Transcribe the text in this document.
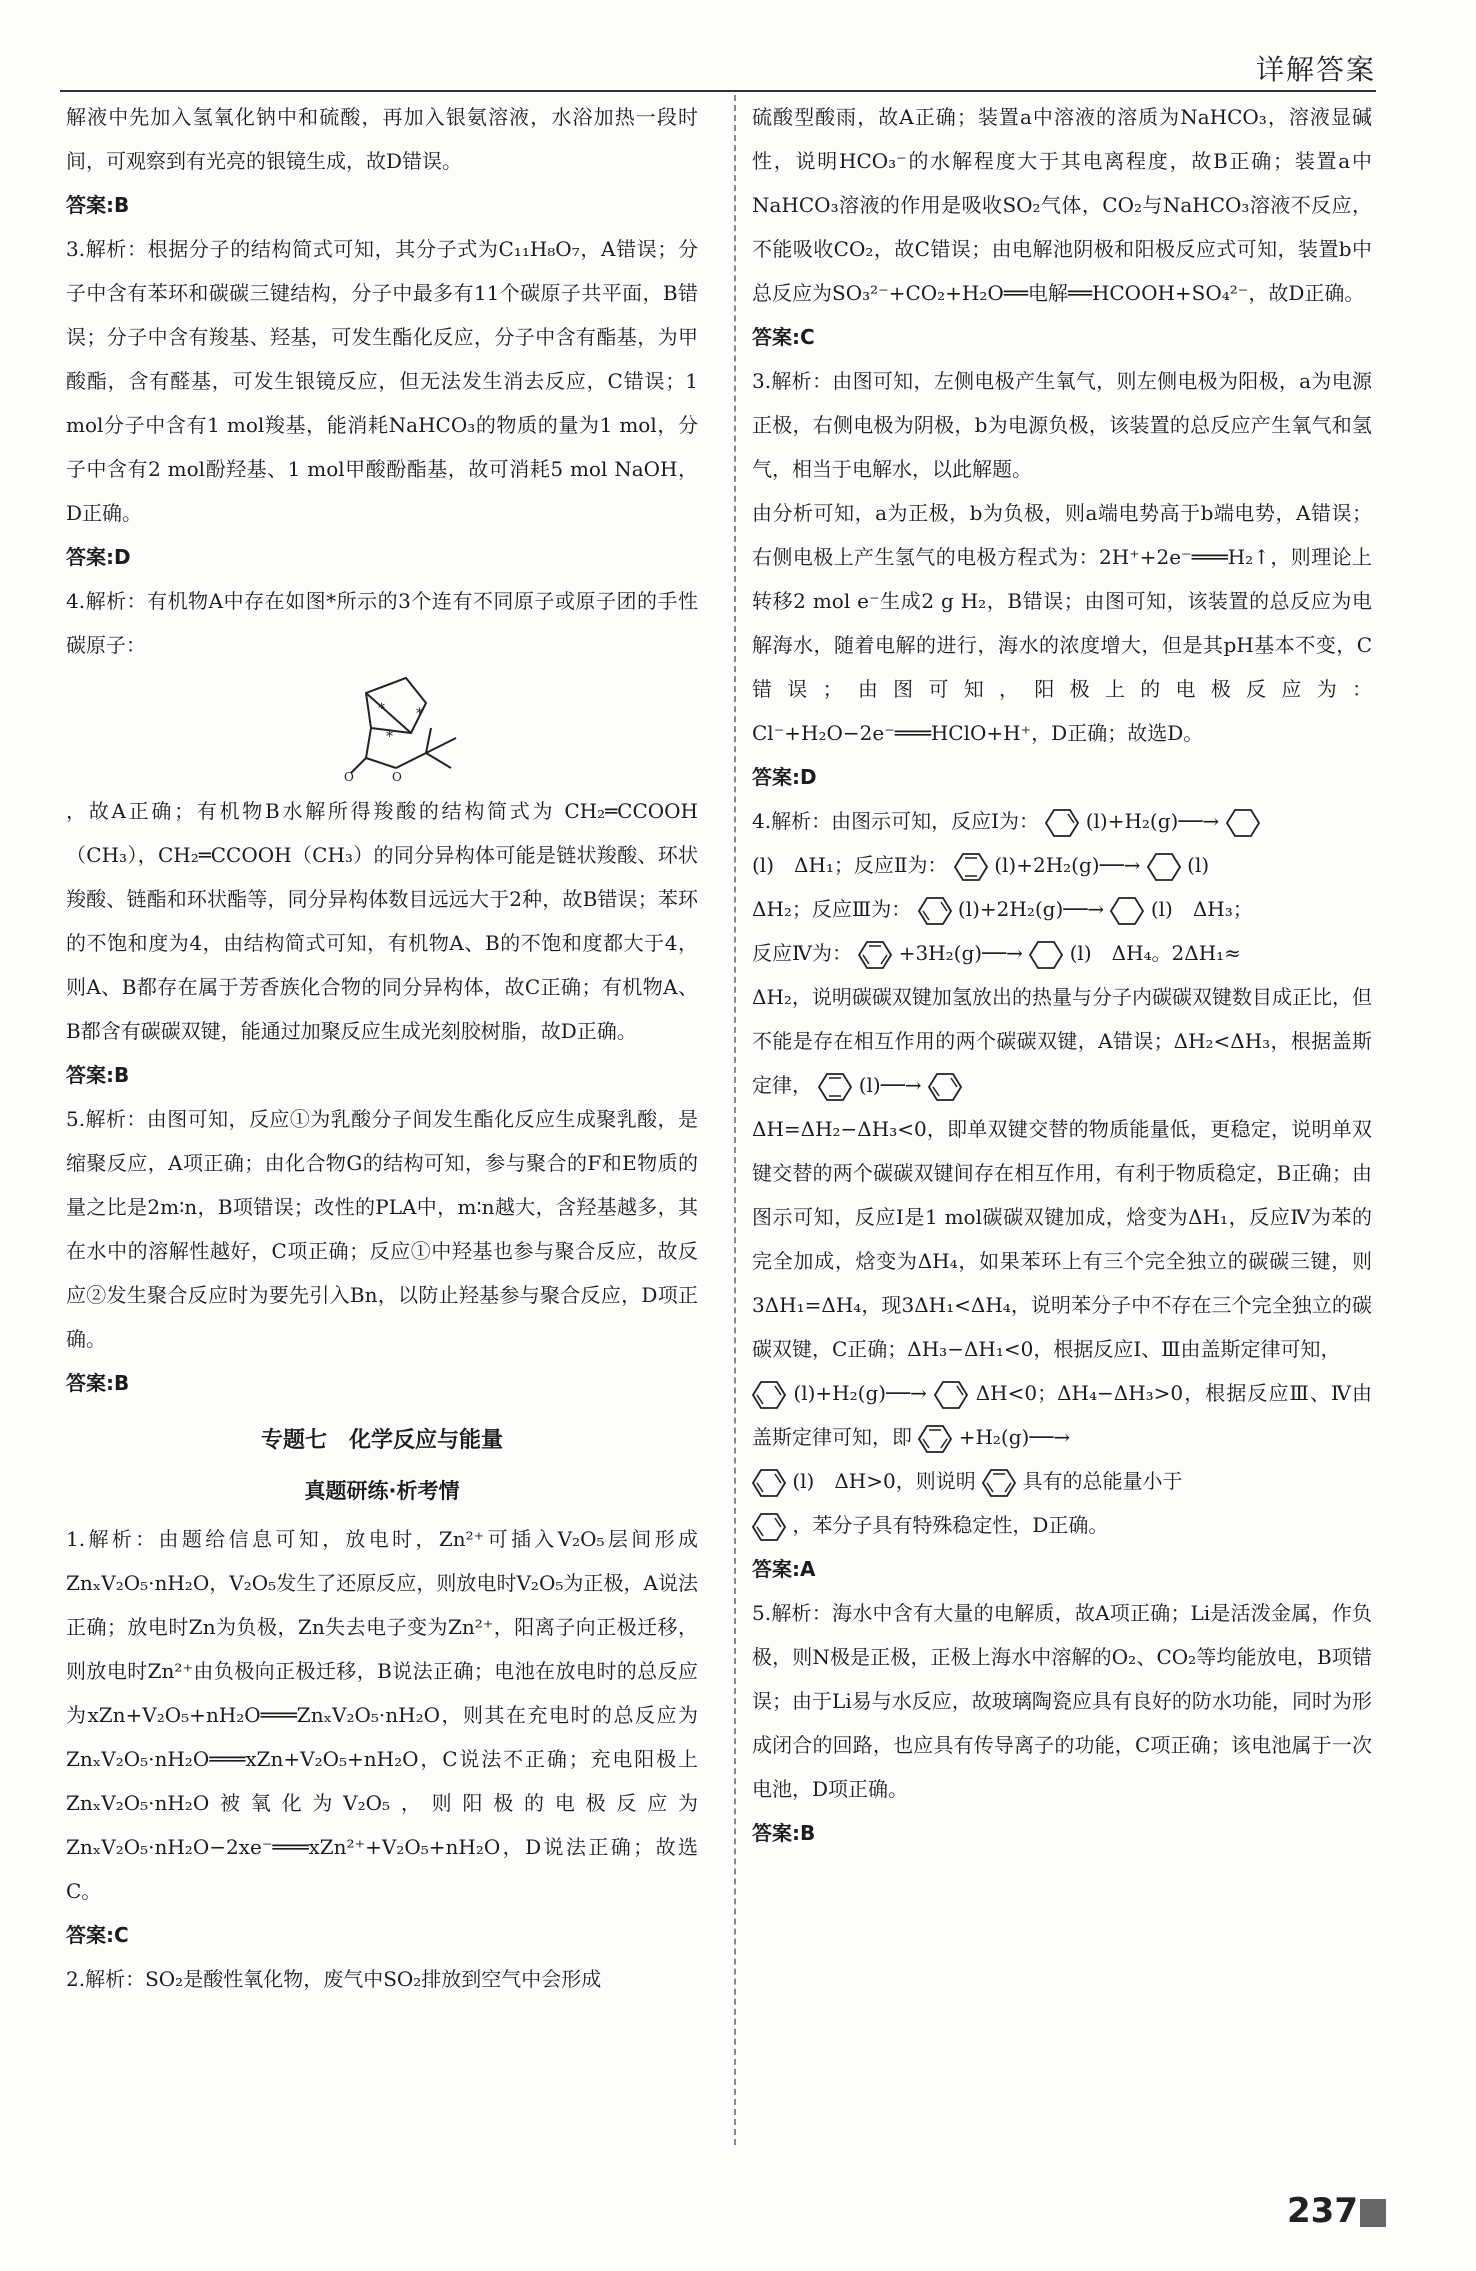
详解答案

解液中先加入氢氧化钠中和硫酸，再加入银氨溶液，水浴加热一段时间，可观察到有光亮的银镜生成，故D错误。

答案:B

3.解析：根据分子的结构简式可知，其分子式为C₁₁H₈O₇，A错误；分子中含有苯环和碳碳三键结构，分子中最多有11个碳原子共平面，B错误；分子中含有羧基、羟基，可发生酯化反应，分子中含有酯基，为甲酸酯，含有醛基，可发生银镜反应，但无法发生消去反应，C错误；1 mol分子中含有1 mol羧基，能消耗NaHCO₃的物质的量为1 mol，分子中含有2 mol酚羟基、1 mol甲酸酚酯基，故可消耗5 mol NaOH，D正确。

答案:D

4.解析：有机物A中存在如图*所示的3个连有不同原子或原子团的手性碳原子：

* *
*
O	O

，故A正确；有机物B水解所得羧酸的结构简式为 CH₂═CCOOH（CH₃），CH₂═CCOOH（CH₃）的同分异构体可能是链状羧酸、环状羧酸、链酯和环状酯等，同分异构体数目远远大于2种，故B错误；苯环的不饱和度为4，由结构简式可知，有机物A、B的不饱和度都大于4，则A、B都存在属于芳香族化合物的同分异构体，故C正确；有机物A、B都含有碳碳双键，能通过加聚反应生成光刻胶树脂，故D正确。

答案:B

5.解析：由图可知，反应①为乳酸分子间发生酯化反应生成聚乳酸，是缩聚反应，A项正确；由化合物G的结构可知，参与聚合的F和E物质的量之比是2m∶n，B项错误；改性的PLA中，m∶n越大，含羟基越多，其在水中的溶解性越好，C项正确；反应①中羟基也参与聚合反应，故反应②发生聚合反应时为要先引入Bn，以防止羟基参与聚合反应，D项正确。

答案:B

专题七　化学反应与能量

真题研练·析考情

1.解析：由题给信息可知，放电时，Zn²⁺可插入V₂O₅层间形成ZnₓV₂O₅·nH₂O，V₂O₅发生了还原反应，则放电时V₂O₅为正极，A说法正确；放电时Zn为负极，Zn失去电子变为Zn²⁺，阳离子向正极迁移，则放电时Zn²⁺由负极向正极迁移，B说法正确；电池在放电时的总反应为xZn+V₂O₅+nH₂O═══ZnₓV₂O₅·nH₂O，则其在充电时的总反应为ZnₓV₂O₅·nH₂O═══xZn+V₂O₅+nH₂O，C说法不正确；充电阳极上ZnₓV₂O₅·nH₂O被氧化为V₂O₅，则阳极的电极反应为ZnₓV₂O₅·nH₂O−2xe⁻═══xZn²⁺+V₂O₅+nH₂O，D说法正确；故选C。

答案:C

2.解析：SO₂是酸性氧化物，废气中SO₂排放到空气中会形成

硫酸型酸雨，故A正确；装置a中溶液的溶质为NaHCO₃，溶液显碱性，说明HCO₃⁻的水解程度大于其电离程度，故B正确；装置a中NaHCO₃溶液的作用是吸收SO₂气体，CO₂与NaHCO₃溶液不反应，不能吸收CO₂，故C错误；由电解池阴极和阳极反应式可知，装置b中总反应为SO₃²⁻+CO₂+H₂O══电解══HCOOH+SO₄²⁻，故D正确。

答案:C

3.解析：由图可知，左侧电极产生氧气，则左侧电极为阳极，a为电源正极，右侧电极为阴极，b为电源负极，该装置的总反应产生氧气和氢气，相当于电解水，以此解题。

由分析可知，a为正极，b为负极，则a端电势高于b端电势，A错误；右侧电极上产生氢气的电极方程式为：2H⁺+2e⁻═══H₂↑，则理论上转移2 mol e⁻生成2 g H₂，B错误；由图可知，该装置的总反应为电解海水，随着电解的进行，海水的浓度增大，但是其pH基本不变，C错误；由图可知，阳极上的电极反应为：Cl⁻+H₂O−2e⁻═══HClO+H⁺，D正确；故选D。

答案:D

4.解析：由图示可知，反应Ⅰ为： (l)+H₂(g)──→

(l)　ΔH₁；反应Ⅱ为： (l)+2H₂(g)──→ (l)

ΔH₂；反应Ⅲ为： (l)+2H₂(g)──→ (l)　ΔH₃；

反应Ⅳ为： +3H₂(g)──→ (l)　ΔH₄。2ΔH₁≈

ΔH₂，说明碳碳双键加氢放出的热量与分子内碳碳双键数目成正比，但不能是存在相互作用的两个碳碳双键，A错误；ΔH₂<ΔH₃，根据盖斯定律， (l)──→

ΔH=ΔH₂−ΔH₃<0，即单双键交替的物质能量低，更稳定，说明单双键交替的两个碳碳双键间存在相互作用，有利于物质稳定，B正确；由图示可知，反应Ⅰ是1 mol碳碳双键加成，焓变为ΔH₁，反应Ⅳ为苯的完全加成，焓变为ΔH₄，如果苯环上有三个完全独立的碳碳三键，则3ΔH₁=ΔH₄，现3ΔH₁<ΔH₄，说明苯分子中不存在三个完全独立的碳碳双键，C正确；ΔH₃−ΔH₁<0，根据反应Ⅰ、Ⅲ由盖斯定律可知，

(l)+H₂(g)──→ ΔH<0；ΔH₄−ΔH₃>0，根据反应Ⅲ、Ⅳ由盖斯定律可知，即 +H₂(g)──→

(l)　ΔH>0，则说明 具有的总能量小于

，苯分子具有特殊稳定性，D正确。

答案:A

5.解析：海水中含有大量的电解质，故A项正确；Li是活泼金属，作负极，则N极是正极，正极上海水中溶解的O₂、CO₂等均能放电，B项错误；由于Li易与水反应，故玻璃陶瓷应具有良好的防水功能，同时为形成闭合的回路，也应具有传导离子的功能，C项正确；该电池属于一次电池，D项正确。

答案:B

237
